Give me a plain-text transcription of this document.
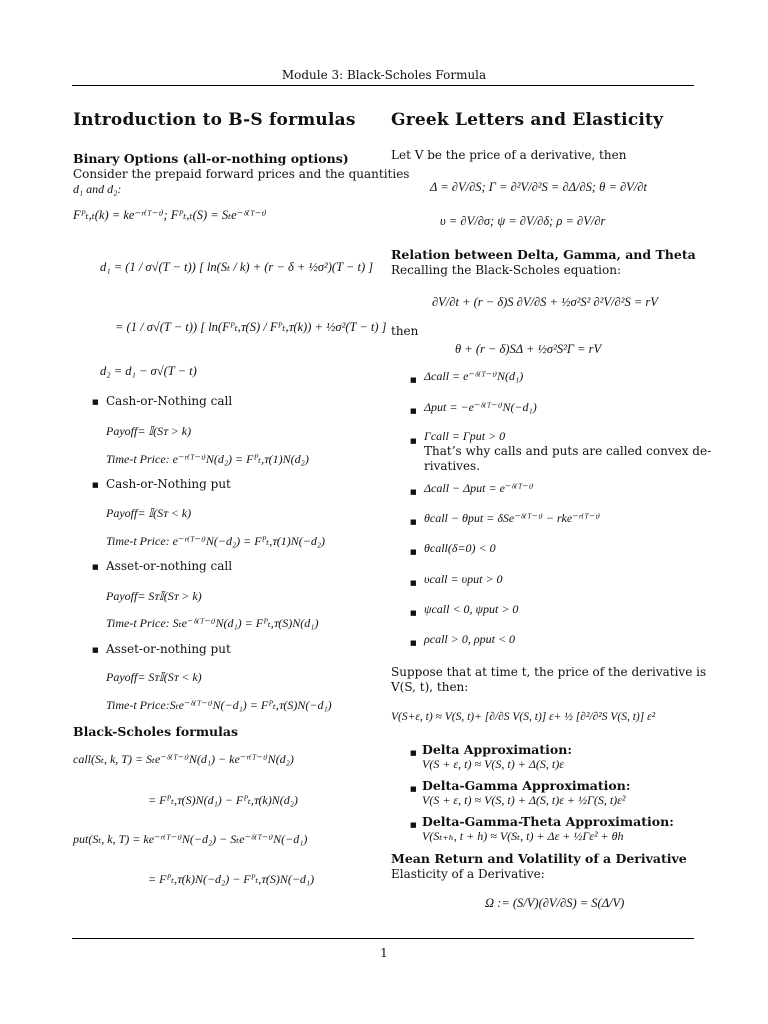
Module 3: Black-Scholes Formula
Introduction to B-S formulas
Binary Options (all-or-nothing options)
Consider the prepaid forward prices and the quantities
d₁ and d₂:
Fᴾₜ,ₜ(k) = ke⁻ʳ⁽ᵀ⁻ᵗ⁾; Fᴾₜ,ₜ(S) = Sₜe⁻ᵟ⁽ᵀ⁻ᵗ⁾
d₁ = (1 / σ√(T − t)) [ ln(Sₜ / k) + (r − δ + ½σ²)(T − t) ]
= (1 / σ√(T − t)) [ ln(Fᴾₜ,ᴛ(S) / Fᴾₜ,ᴛ(k)) + ½σ²(T − t) ]
d₂ = d₁ − σ√(T − t)
■ Cash-or-Nothing call
Payoff= 𝕀(Sᴛ > k)
Time-t Price: e⁻ʳ⁽ᵀ⁻ᵗ⁾N(d₂) = Fᴾₜ,ᴛ(1)N(d₂)
■ Cash-or-Nothing put
Payoff= 𝕀(Sᴛ < k)
Time-t Price: e⁻ʳ⁽ᵀ⁻ᵗ⁾N(−d₂) = Fᴾₜ,ᴛ(1)N(−d₂)
■ Asset-or-nothing call
Payoff= Sᴛ𝕀(Sᴛ > k)
Time-t Price: Sₜe⁻ᵟ⁽ᵀ⁻ᵗ⁾N(d₁) = Fᴾₜ,ᴛ(S)N(d₁)
■ Asset-or-nothing put
Payoff= Sᴛ𝕀(Sᴛ < k)
Time-t Price:Sₜe⁻ᵟ⁽ᵀ⁻ᵗ⁾N(−d₁) = Fᴾₜ,ᴛ(S)N(−d₁)
Black-Scholes formulas
call(Sₜ, k, T) = Sₜe⁻ᵟ⁽ᵀ⁻ᵗ⁾N(d₁) − ke⁻ʳ⁽ᵀ⁻ᵗ⁾N(d₂)
= Fᴾₜ,ᴛ(S)N(d₁) − Fᴾₜ,ᴛ(k)N(d₂)
put(Sₜ, k, T) = ke⁻ʳ⁽ᵀ⁻ᵗ⁾N(−d₂) − Sₜe⁻ᵟ⁽ᵀ⁻ᵗ⁾N(−d₁)
= Fᴾₜ,ᴛ(k)N(−d₂) − Fᴾₜ,ᴛ(S)N(−d₁)
Greek Letters and Elasticity
Let V be the price of a derivative, then
Δ = ∂V/∂S; Γ = ∂²V/∂²S = ∂Δ/∂S; θ = ∂V/∂t
υ = ∂V/∂σ; ψ = ∂V/∂δ; ρ = ∂V/∂r
Relation between Delta, Gamma, and Theta
Recalling the Black-Scholes equation:
∂V/∂t + (r − δ)S ∂V/∂S + ½σ²S² ∂²V/∂²S = rV
then
θ + (r − δ)SΔ + ½σ²S²Γ = rV
■ Δcall = e⁻ᵟ⁽ᵀ⁻ᵗ⁾N(d₁)
■ Δput = −e⁻ᵟ⁽ᵀ⁻ᵗ⁾N(−d₁)
■ Γcall = Γput > 0
That’s why calls and puts are called convex de-
rivatives.
■ Δcall − Δput = e⁻ᵟ⁽ᵀ⁻ᵗ⁾
■ θcall − θput = δSe⁻ᵟ⁽ᵀ⁻ᵗ⁾ − rke⁻ʳ⁽ᵀ⁻ᵗ⁾
■ θcall(δ=0) < 0
■ υcall = υput > 0
■ ψcall < 0, ψput > 0
■ ρcall > 0, ρput < 0
Suppose that at time t, the price of the derivative is
V(S, t), then:
V(S+ε, t) ≈ V(S, t)+ [∂/∂S V(S, t)] ε+ ½ [∂²/∂²S V(S, t)] ε²
■ Delta Approximation:
V(S + ε, t) ≈ V(S, t) + Δ(S, t)ε
■ Delta-Gamma Approximation:
V(S + ε, t) ≈ V(S, t) + Δ(S, t)ε + ½Γ(S, t)ε²
■ Delta-Gamma-Theta Approximation:
V(Sₜ₊ₕ, t + h) ≈ V(Sₜ, t) + Δε + ½Γε² + θh
Mean Return and Volatility of a Derivative
Elasticity of a Derivative:
Ω := (S/V)(∂V/∂S) = S(Δ/V)
1
